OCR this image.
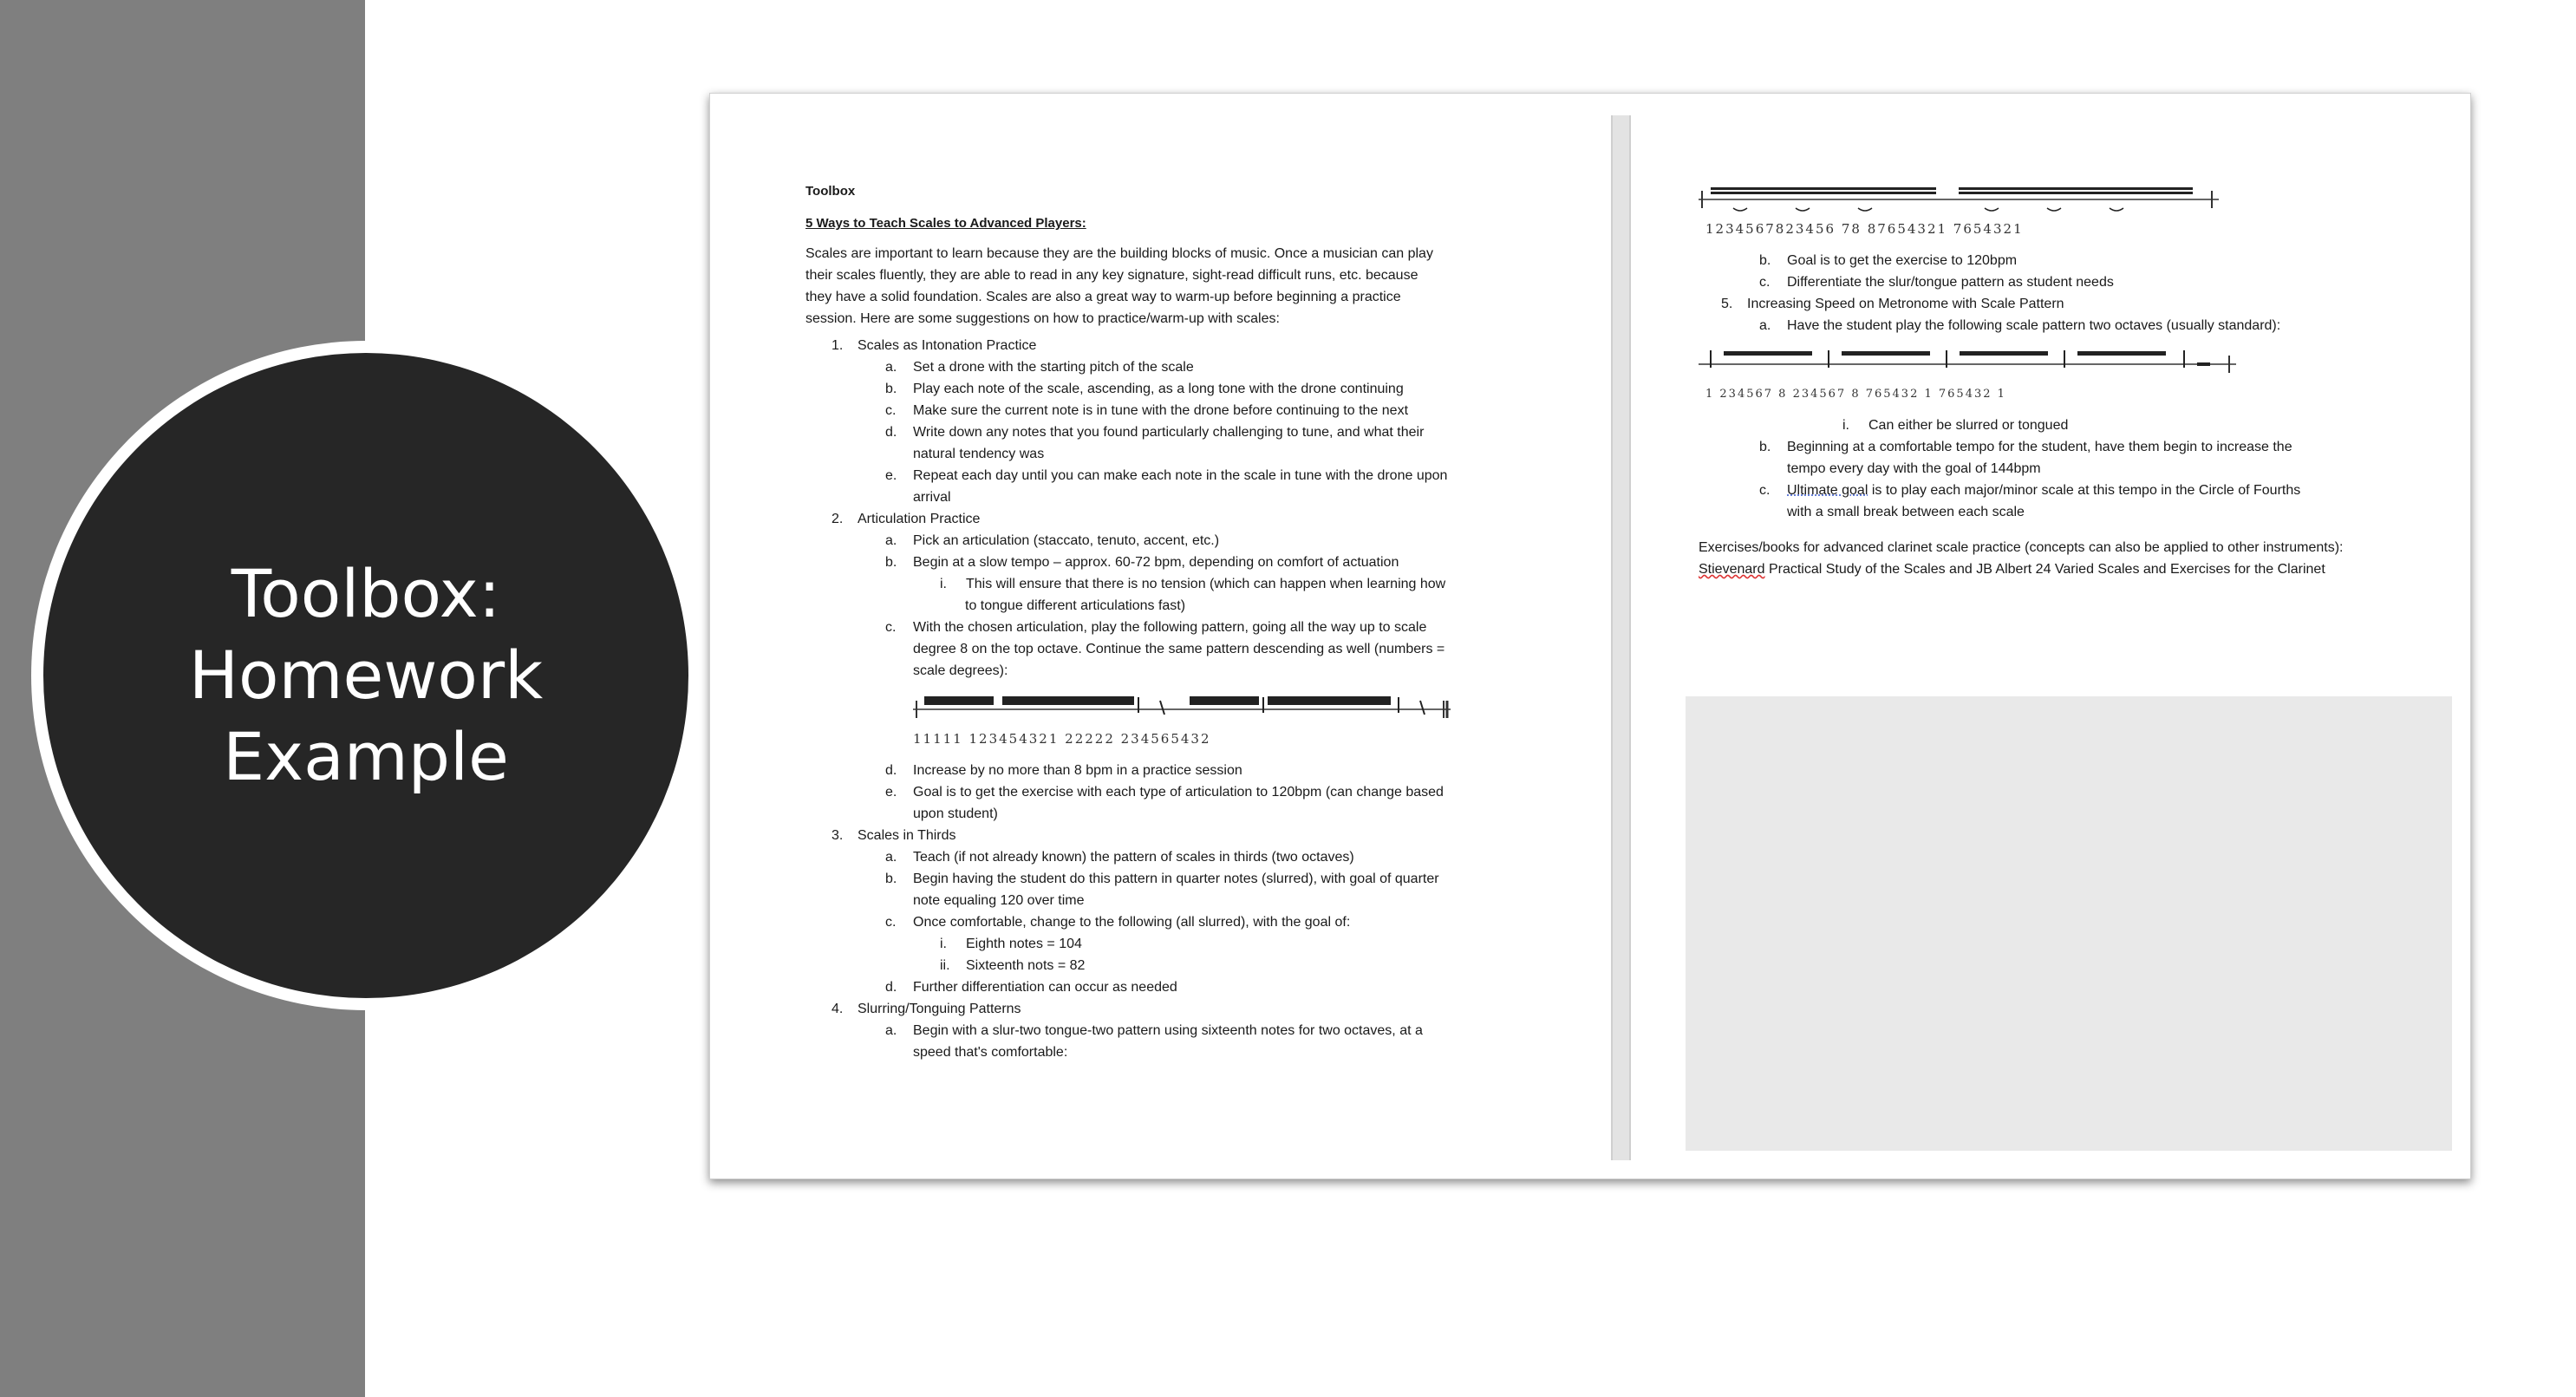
Toolbox:
Homework
Example
Toolbox
5 Ways to Teach Scales to Advanced Players:
Scales are important to learn because they are the building blocks of music. Once a musician can play
their scales fluently, they are able to read in any key signature, sight-read difficult runs, etc. because
they have a solid foundation. Scales are also a great way to warm-up before beginning a practice
session. Here are some suggestions on how to practice/warm-up with scales:
1. Scales as Intonation Practice
a. Set a drone with the starting pitch of the scale
b. Play each note of the scale, ascending, as a long tone with the drone continuing
c. Make sure the current note is in tune with the drone before continuing to the next
d. Write down any notes that you found particularly challenging to tune, and what their
natural tendency was
e. Repeat each day until you can make each note in the scale in tune with the drone upon
arrival
2. Articulation Practice
a. Pick an articulation (staccato, tenuto, accent, etc.)
b. Begin at a slow tempo – approx. 60-72 bpm, depending on comfort of actuation
i. This will ensure that there is no tension (which can happen when learning how
to tongue different articulations fast)
c. With the chosen articulation, play the following pattern, going all the way up to scale
degree 8 on the top octave. Continue the same pattern descending as well (numbers =
scale degrees):
11111 123454321 22222 234565432
d. Increase by no more than 8 bpm in a practice session
e. Goal is to get the exercise with each type of articulation to 120bpm (can change based
upon student)
3. Scales in Thirds
a. Teach (if not already known) the pattern of scales in thirds (two octaves)
b. Begin having the student do this pattern in quarter notes (slurred), with goal of quarter
note equaling 120 over time
c. Once comfortable, change to the following (all slurred), with the goal of:
i. Eighth notes = 104
ii. Sixteenth nots = 82
d. Further differentiation can occur as needed
4. Slurring/Tonguing Patterns
a. Begin with a slur-two tongue-two pattern using sixteenth notes for two octaves, at a
speed that's comfortable:
1234567823456 78 87654321 7654321
b. Goal is to get the exercise to 120bpm
c. Differentiate the slur/tongue pattern as student needs
5. Increasing Speed on Metronome with Scale Pattern
a. Have the student play the following scale pattern two octaves (usually standard):
1 234567 8 234567 8 765432 1 765432 1
i. Can either be slurred or tongued
b. Beginning at a comfortable tempo for the student, have them begin to increase the
tempo every day with the goal of 144bpm
c. Ultimate goal is to play each major/minor scale at this tempo in the Circle of Fourths
with a small break between each scale
Exercises/books for advanced clarinet scale practice (concepts can also be applied to other instruments):
Stievenard Practical Study of the Scales and JB Albert 24 Varied Scales and Exercises for the Clarinet
